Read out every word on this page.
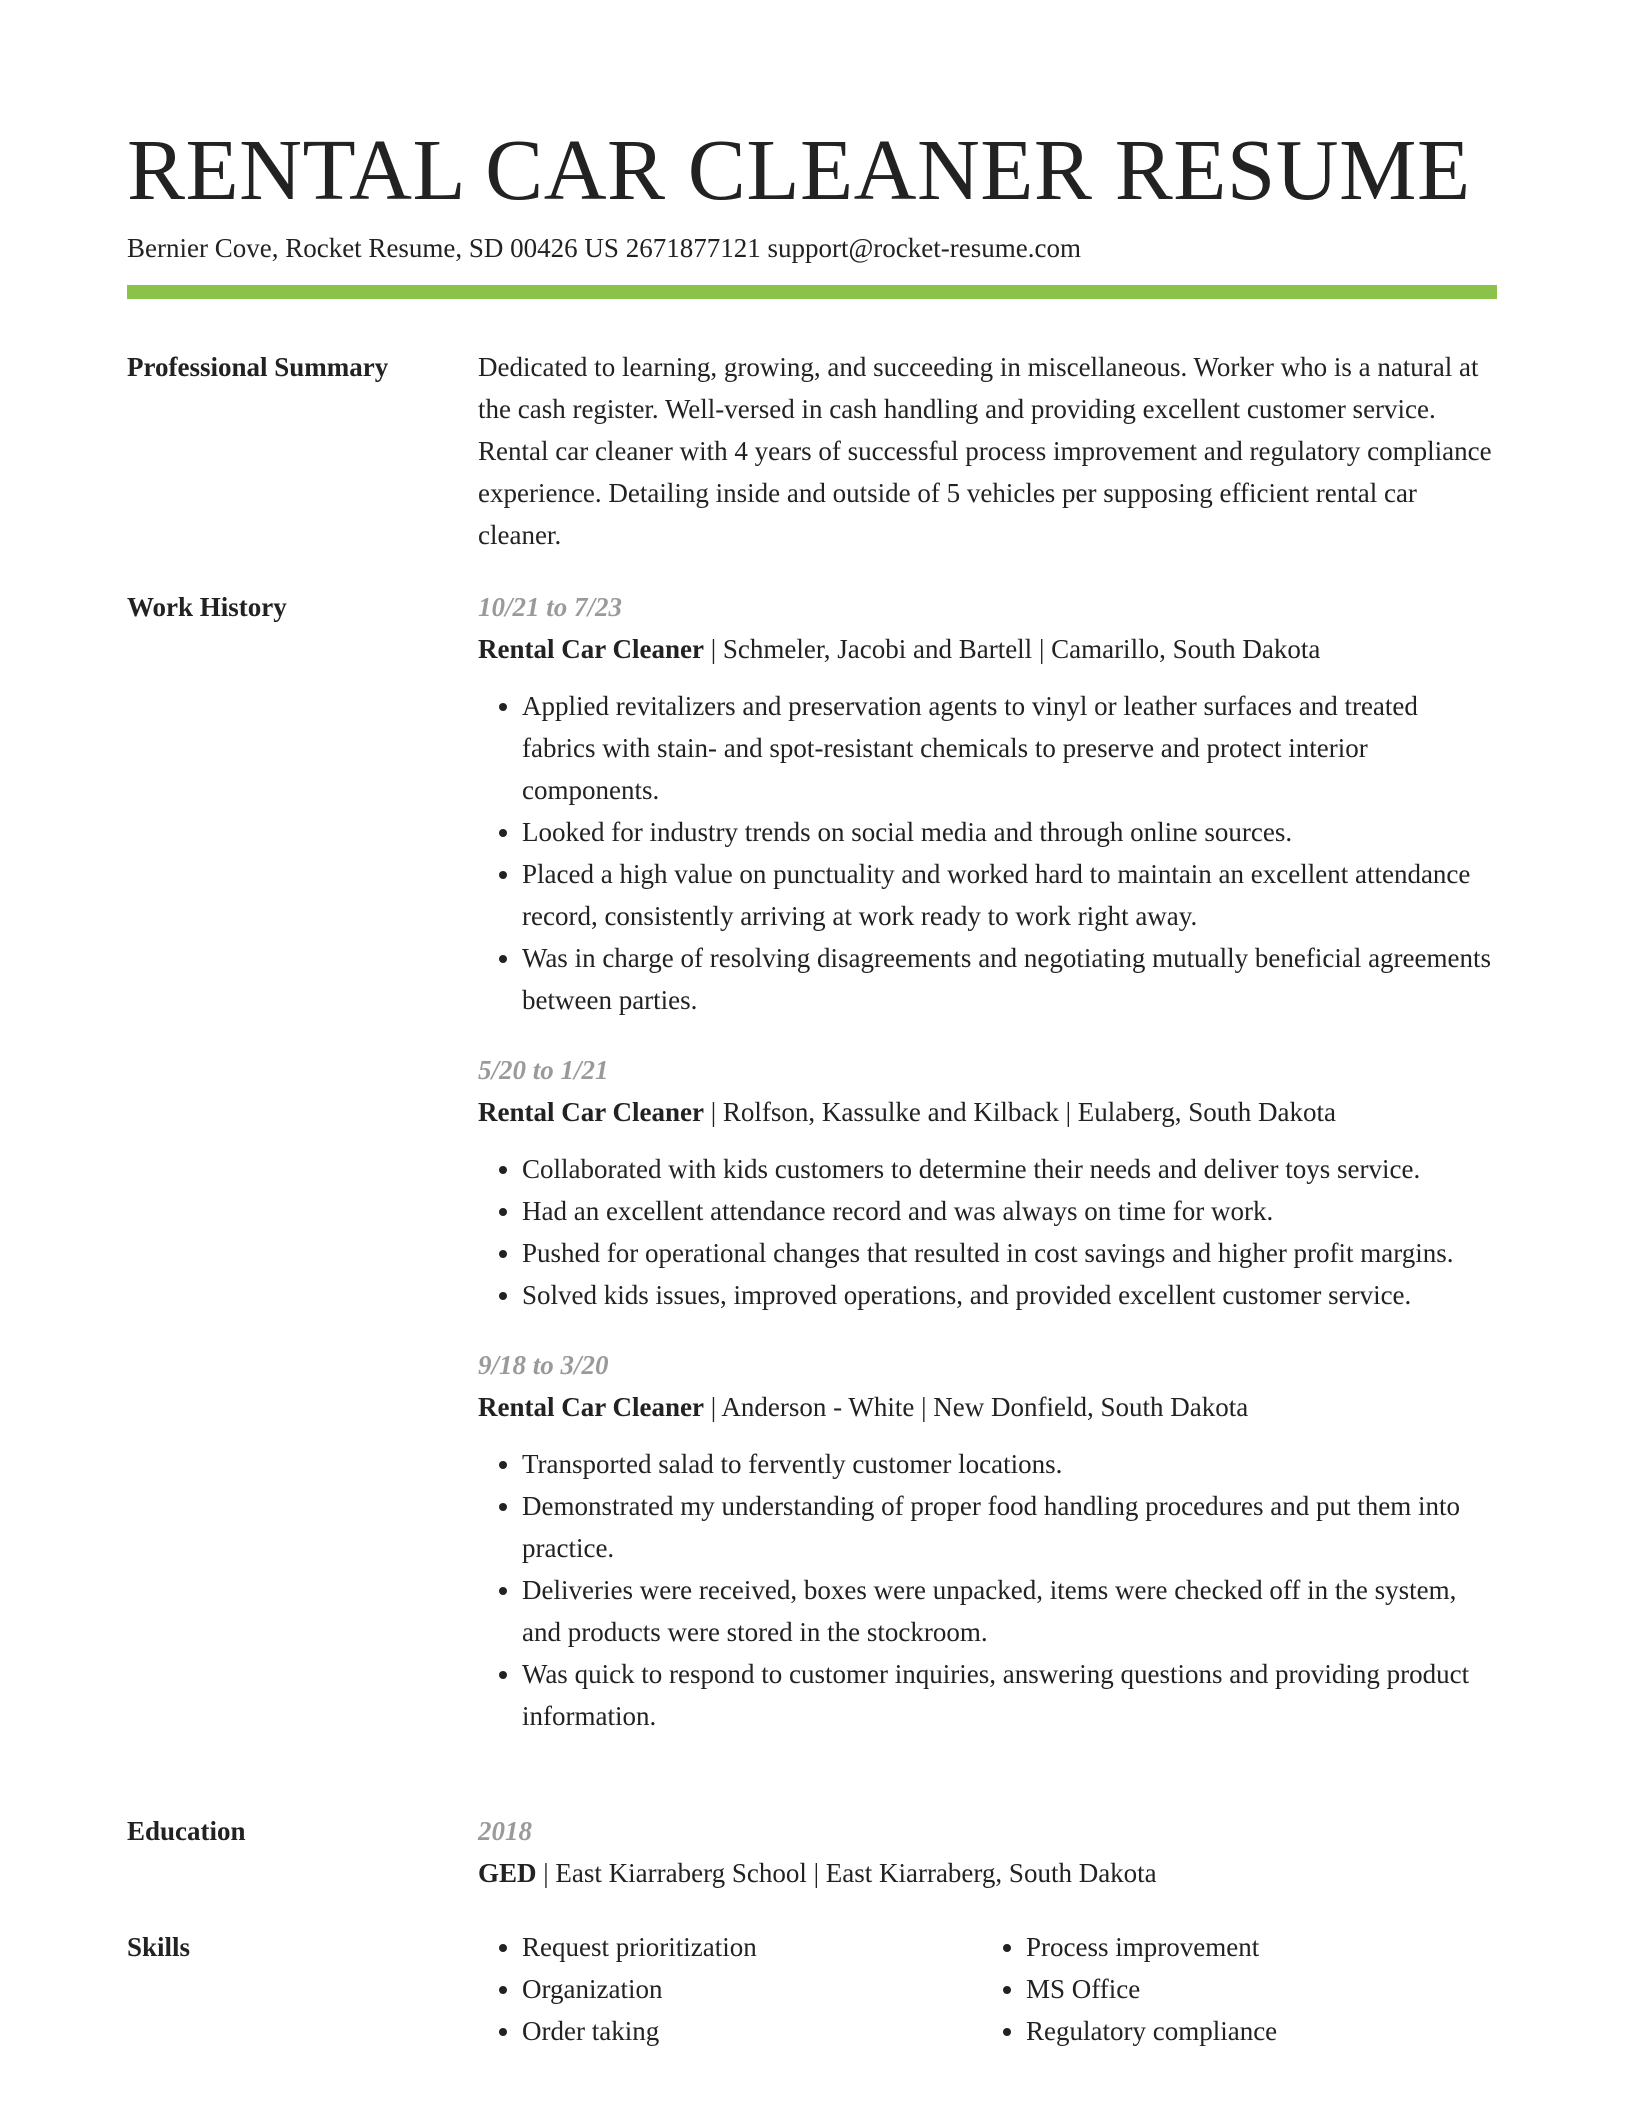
RENTAL CAR CLEANER RESUME
Bernier Cove, Rocket Resume, SD 00426 US 2671877121 support@rocket-resume.com
Professional Summary	Dedicated to learning, growing, and succeeding in miscellaneous. Worker who is a natural at the cash register. Well-versed in cash handling and providing excellent customer service. Rental car cleaner with 4 years of successful process improvement and regulatory compliance experience. Detailing inside and outside of 5 vehicles per supposing efficient rental car cleaner.

Work History	10/21 to 7/23
Rental Car Cleaner | Schmeler, Jacobi and Bartell | Camarillo, South Dakota
• Applied revitalizers and preservation agents to vinyl or leather surfaces and treated fabrics with stain- and spot-resistant chemicals to preserve and protect interior components.
• Looked for industry trends on social media and through online sources.
• Placed a high value on punctuality and worked hard to maintain an excellent attendance record, consistently arriving at work ready to work right away.
• Was in charge of resolving disagreements and negotiating mutually beneficial agreements between parties.
5/20 to 1/21
Rental Car Cleaner | Rolfson, Kassulke and Kilback | Eulaberg, South Dakota
• Collaborated with kids customers to determine their needs and deliver toys service.
• Had an excellent attendance record and was always on time for work.
• Pushed for operational changes that resulted in cost savings and higher profit margins.
• Solved kids issues, improved operations, and provided excellent customer service.
9/18 to 3/20
Rental Car Cleaner | Anderson - White | New Donfield, South Dakota
• Transported salad to fervently customer locations.
• Demonstrated my understanding of proper food handling procedures and put them into practice.
• Deliveries were received, boxes were unpacked, items were checked off in the system, and products were stored in the stockroom.
• Was quick to respond to customer inquiries, answering questions and providing product information.
Education	2018
GED | East Kiarraberg School | East Kiarraberg, South Dakota
Skills
•	Request prioritization
• Organization
• Order taking
• Process improvement
• MS Office
• Regulatory compliance
